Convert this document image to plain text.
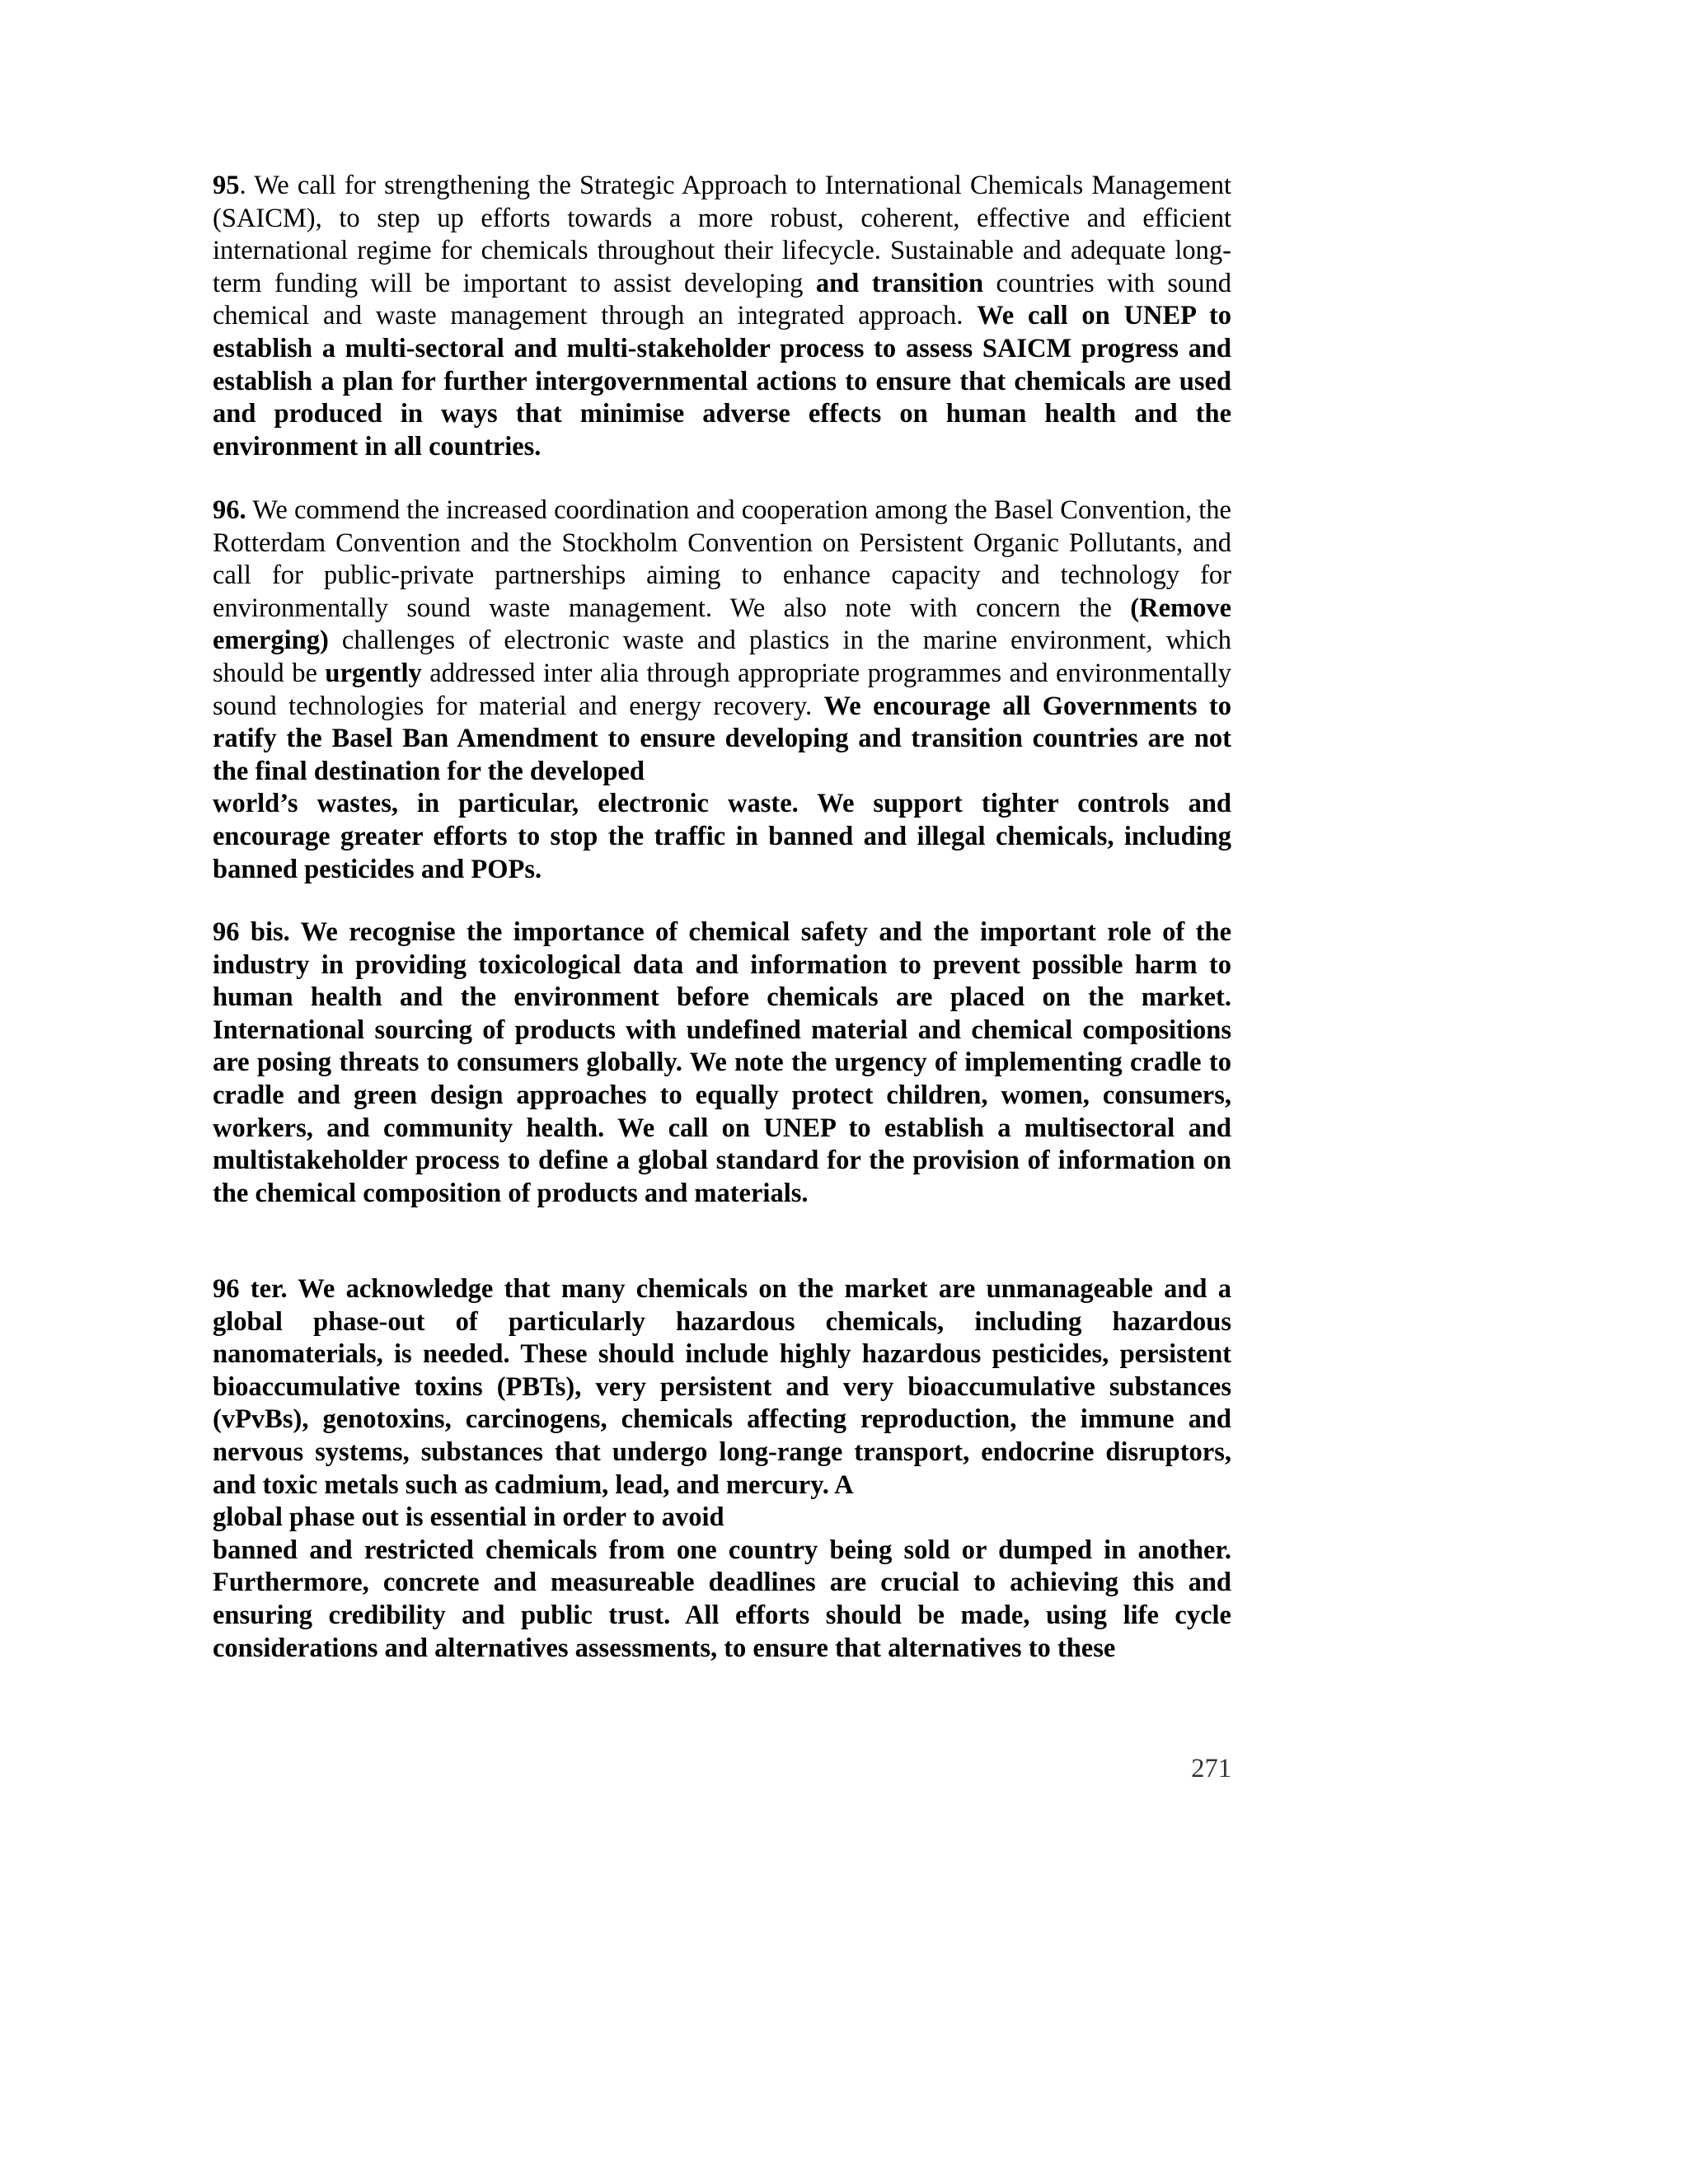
95. We call for strengthening the Strategic Approach to International Chemicals Management (SAICM), to step up efforts towards a more robust, coherent, effective and efficient international regime for chemicals throughout their lifecycle. Sustainable and adequate long-term funding will be important to assist developing and transition countries with sound chemical and waste management through an integrated approach. We call on UNEP to establish a multi-sectoral and multi-stakeholder process to assess SAICM progress and establish a plan for further intergovernmental actions to ensure that chemicals are used and produced in ways that minimise adverse effects on human health and the environment in all countries.

96. We commend the increased coordination and cooperation among the Basel Convention, the Rotterdam Convention and the Stockholm Convention on Persistent Organic Pollutants, and call for public-private partnerships aiming to enhance capacity and technology for environmentally sound waste management. We also note with concern the (Remove emerging) challenges of electronic waste and plastics in the marine environment, which should be urgently addressed inter alia through appropriate programmes and environmentally sound technologies for material and energy recovery. We encourage all Governments to ratify the Basel Ban Amendment to ensure developing and transition countries are not the final destination for the developed
world’s wastes, in particular, electronic waste. We support tighter controls and encourage greater efforts to stop the traffic in banned and illegal chemicals, including banned pesticides and POPs.

96 bis. We recognise the importance of chemical safety and the important role of the industry in providing toxicological data and information to prevent possible harm to human health and the environment before chemicals are placed on the market. International sourcing of products with undefined material and chemical compositions are posing threats to consumers globally. We note the urgency of implementing cradle to cradle and green design approaches to equally protect children, women, consumers, workers, and community health. We call on UNEP to establish a multisectoral and multistakeholder process to define a global standard for the provision of information on the chemical composition of products and materials.

96 ter. We acknowledge that many chemicals on the market are unmanageable and a global phase-out of particularly hazardous chemicals, including hazardous nanomaterials, is needed. These should include highly hazardous pesticides, persistent bioaccumulative toxins (PBTs), very persistent and very bioaccumulative substances (vPvBs), genotoxins, carcinogens, chemicals affecting reproduction, the immune and nervous systems, substances that undergo long-range transport, endocrine disruptors, and toxic metals such as cadmium, lead, and mercury. A
global phase out is essential in order to avoid
banned and restricted chemicals from one country being sold or dumped in another. Furthermore, concrete and measureable deadlines are crucial to achieving this and ensuring credibility and public trust. All efforts should be made, using life cycle considerations and alternatives assessments, to ensure that alternatives to these

271
